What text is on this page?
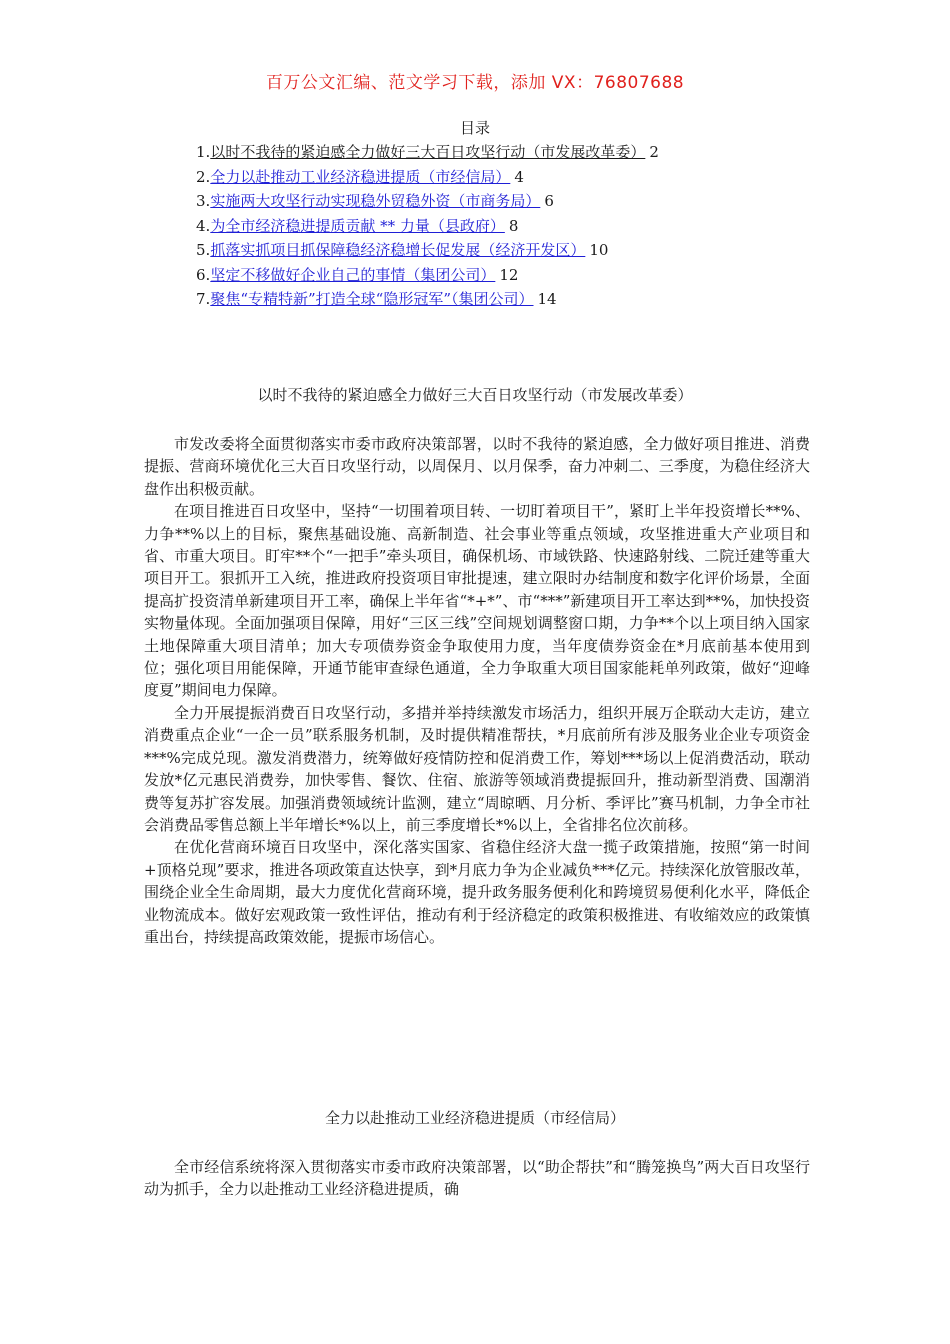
百万公文汇编、范文学习下载，添加 VX：76807688
目录
1.以时不我待的紧迫感全力做好三大百日攻坚行动（市发展改革委） 2
2.全力以赴推动工业经济稳进提质（市经信局） 4
3.实施两大攻坚行动实现稳外贸稳外资（市商务局） 6
4.为全市经济稳进提质贡献 ** 力量（县政府） 8
5.抓落实抓项目抓保障稳经济稳增长促发展（经济开发区） 10
6.坚定不移做好企业自己的事情（集团公司） 12
7.聚焦“专精特新”打造全球“隐形冠军”（集团公司） 14
以时不我待的紧迫感全力做好三大百日攻坚行动（市发展改革委）

市发改委将全面贯彻落实市委市政府决策部署，以时不我待的紧迫感，全力做好项目推进、消费提振、营商环境优化三大百日攻坚行动，以周保月、以月保季，奋力冲刺二、三季度，为稳住经济大盘作出积极贡献。

在项目推进百日攻坚中，坚持“一切围着项目转、一切盯着项目干”，紧盯上半年投资增长**%、力争**%以上的目标，聚焦基础设施、高新制造、社会事业等重点领域，攻坚推进重大产业项目和省、市重大项目。盯牢**个“一把手”牵头项目，确保机场、市域铁路、快速路射线、二院迁建等重大项目开工。狠抓开工入统，推进政府投资项目审批提速，建立限时办结制度和数字化评价场景，全面提高扩投资清单新建项目开工率，确保上半年省“*+*”、市“***”新建项目开工率达到**%，加快投资实物量体现。全面加强项目保障，用好“三区三线”空间规划调整窗口期，力争**个以上项目纳入国家土地保障重大项目清单；加大专项债券资金争取使用力度，当年度债券资金在*月底前基本使用到位；强化项目用能保障，开通节能审查绿色通道，全力争取重大项目国家能耗单列政策，做好“迎峰度夏”期间电力保障。

全力开展提振消费百日攻坚行动，多措并举持续激发市场活力，组织开展万企联动大走访，建立消费重点企业“一企一员”联系服务机制，及时提供精准帮扶，*月底前所有涉及服务业企业专项资金***%完成兑现。激发消费潜力，统筹做好疫情防控和促消费工作，筹划***场以上促消费活动，联动发放*亿元惠民消费券，加快零售、餐饮、住宿、旅游等领域消费提振回升，推动新型消费、国潮消费等复苏扩容发展。加强消费领域统计监测，建立“周晾晒、月分析、季评比”赛马机制，力争全市社会消费品零售总额上半年增长*%以上，前三季度增长*%以上，全省排名位次前移。

在优化营商环境百日攻坚中，深化落实国家、省稳住经济大盘一揽子政策措施，按照“第一时间+顶格兑现”要求，推进各项政策直达快享，到*月底力争为企业减负***亿元。持续深化放管服改革，围绕企业全生命周期，最大力度优化营商环境，提升政务服务便利化和跨境贸易便利化水平，降低企业物流成本。做好宏观政策一致性评估，推动有利于经济稳定的政策积极推进、有收缩效应的政策慎重出台，持续提高政策效能，提振市场信心。

全力以赴推动工业经济稳进提质（市经信局）

全市经信系统将深入贯彻落实市委市政府决策部署，以“助企帮扶”和“腾笼换鸟”两大百日攻坚行动为抓手，全力以赴推动工业经济稳进提质，确
